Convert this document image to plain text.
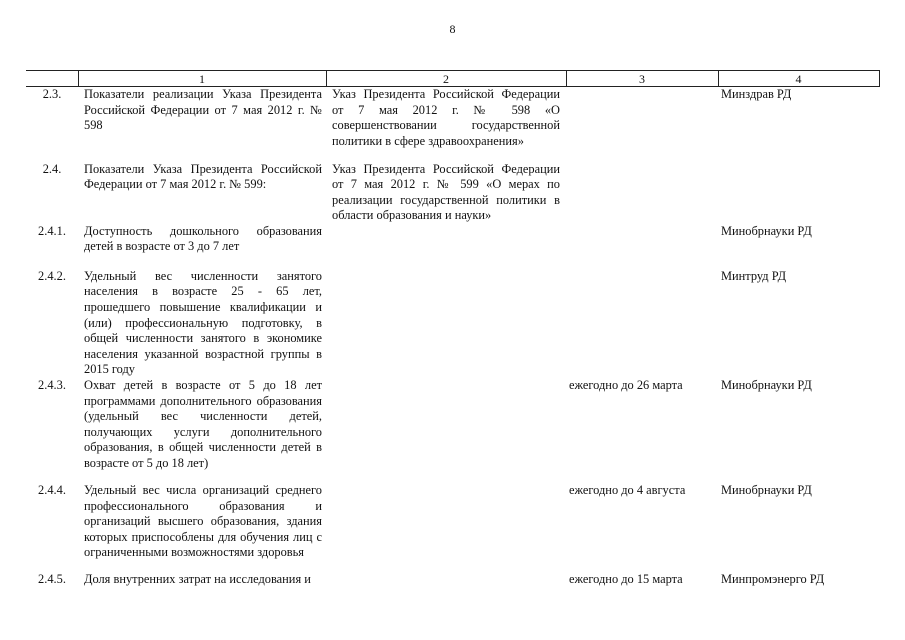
8
	1	2	3	4
2.3.	Показатели реализации Указа Президента Российской Федерации от 7 мая 2012 г. № 598	Указ Президента Российской Федерации от 7 мая 2012 г. № 598 «О совершенствовании государственной политики в сфере здравоохранения»		Минздрав РД
2.4.	Показатели Указа Президента Российской Федерации от 7 мая 2012 г. № 599:	Указ Президента Российской Федерации от 7 мая 2012 г. № 599 «О мерах по реализации государственной политики в области образования и науки»		
2.4.1.	Доступность дошкольного образования детей в возрасте от 3 до 7 лет			Минобрнауки РД
2.4.2.	Удельный вес численности занятого населения в возрасте 25 - 65 лет, прошедшего повышение квалификации и (или) профессиональную подготовку, в общей численности занятого в экономике населения указанной возрастной группы в 2015 году			Минтруд РД
2.4.3.	Охват детей в возрасте от 5 до 18 лет программами дополнительного образования (удельный вес численности детей, получающих услуги дополнительного образования, в общей численности детей в возрасте от 5 до 18 лет)		ежегодно до 26 марта	Минобрнауки РД
2.4.4.	Удельный вес числа организаций среднего профессионального образования и организаций высшего образования, здания которых приспособлены для обучения лиц с ограниченными возможностями здоровья		ежегодно до 4 августа	Минобрнауки РД
2.4.5.	Доля внутренних затрат на исследования и		ежегодно до 15 марта	Минпромэнерго РД
